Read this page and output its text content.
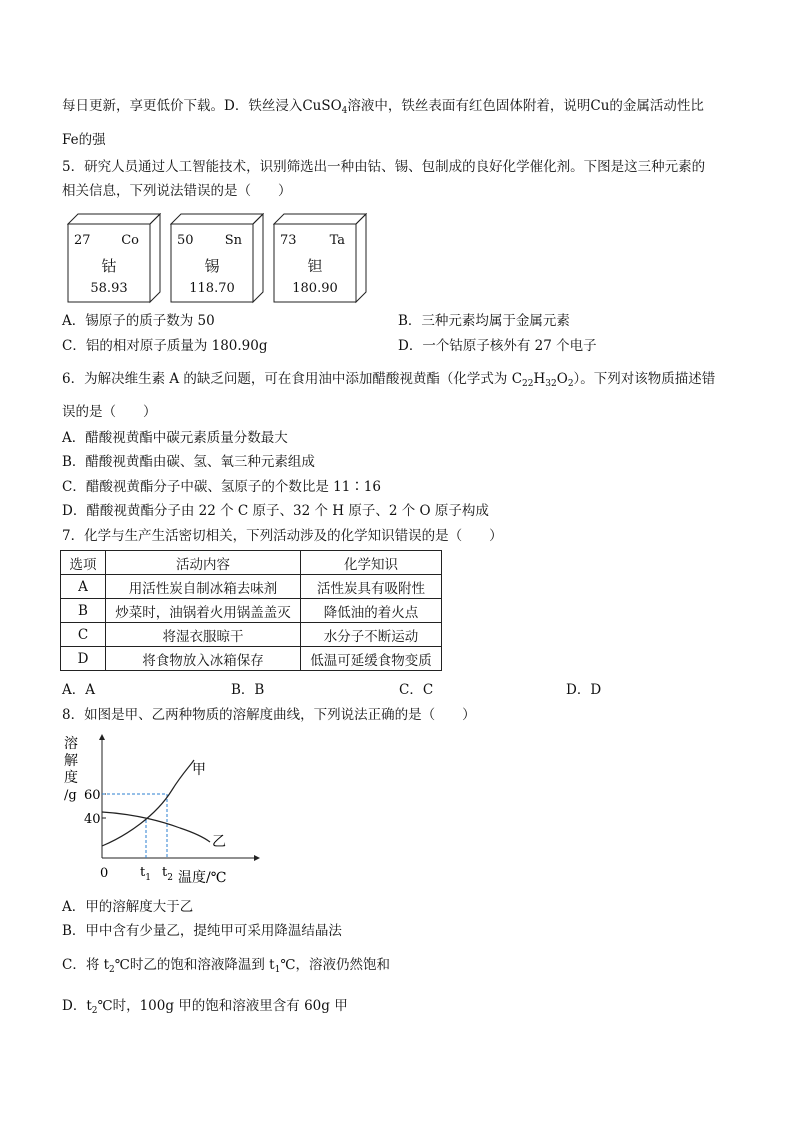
每日更新，享更低价下载。D．铁丝浸入CuSO$_4$溶液中，铁丝表面有红色固体附着，说明Cu的金属活动性比
Fe的强
5．研究人员通过人工智能技术，识别筛选出一种由钴、锡、包制成的良好化学催化剂。下图是这三种元素的
相关信息，下列说法错误的是（　　）
27 Co
钴
58.93
50 Sn
锡
118.70
73	Ta
钽
180.90
A．锡原子的质子数为 50	B．三种元素均属于金属元素
C．铝的相对原子质量为 180.90g	D．一个钴原子核外有 27 个电子
6．为解决维生素 A 的缺乏问题，可在食用油中添加醋酸视黄酯（化学式为 $C_{22}H_{32}O_2$）。下列对该物质描述错
误的是（　　）
A．醋酸视黄酯中碳元素质量分数最大
B．醋酸视黄酯由碳、氢、氧三种元素组成
C．醋酸视黄酯分子中碳、氢原子的个数比是 11∶16
D．醋酸视黄酯分子由 22 个 C 原子、32 个 H 原子、2 个 O 原子构成
7．化学与生产生活密切相关，下列活动涉及的化学知识错误的是（　　）
选项	活动内容	化学知识
A	用活性炭自制冰箱去味剂	活性炭具有吸附性
B	炒菜时，油锅着火用锅盖盖灭	降低油的着火点
C	将湿衣服晾干	水分子不断运动
D	将食物放入冰箱保存	低温可延缓食物变质
A．A	B．B	C．C	D．D
8．如图是甲、乙两种物质的溶解度曲线，下列说法正确的是（　　）
溶
解
度
/g 60
40
甲
乙
0 $t_1$ $t_2$ 温度/℃
A．甲的溶解度大于乙
B．甲中含有少量乙，提纯甲可采用降温结晶法
C．将 $t_2℃$时乙的饱和溶液降温到 $t_1℃$，溶液仍然饱和
D．$t_2℃$时，100g 甲的饱和溶液里含有 60g 甲
